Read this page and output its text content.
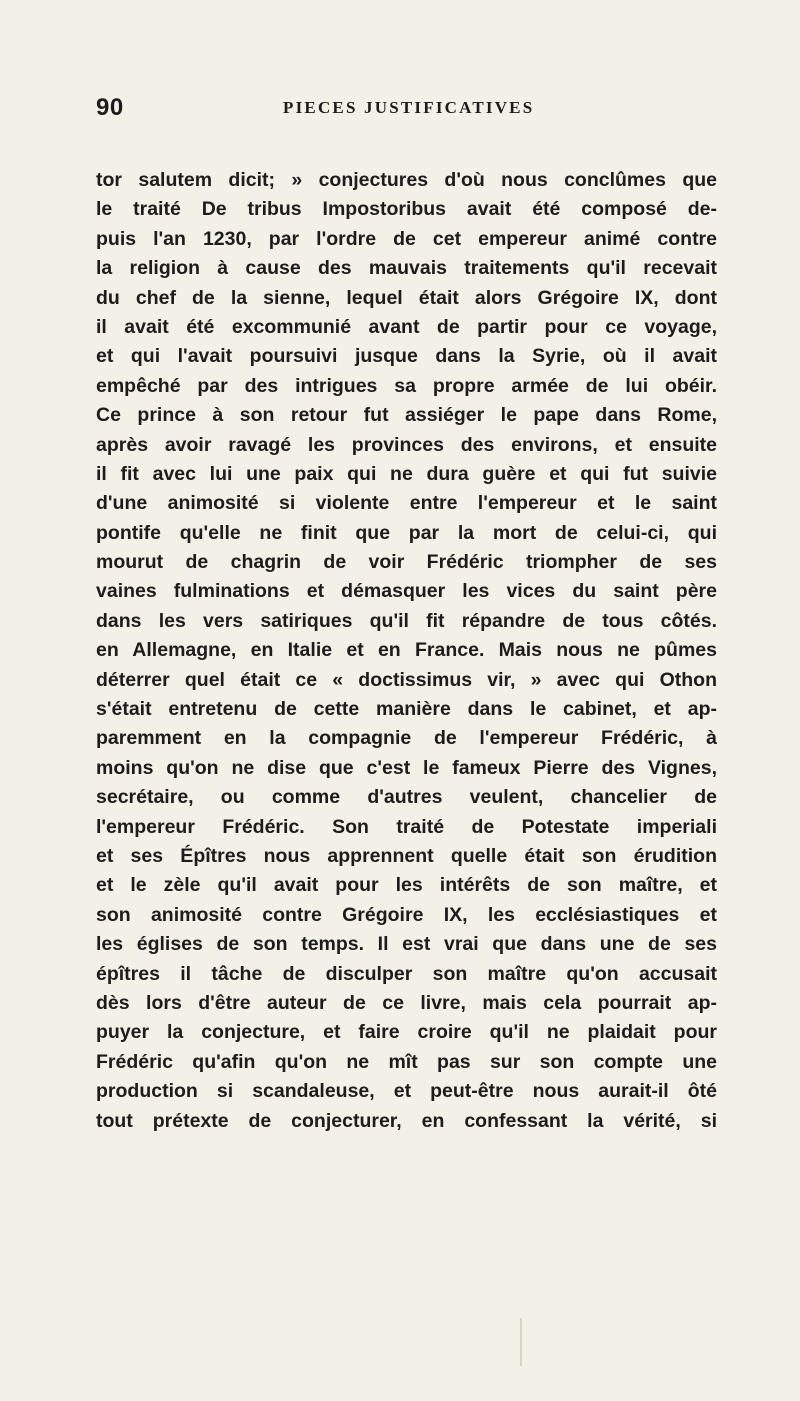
90	PIECES JUSTIFICATIVES
tor salutem dicit; » conjectures d'où nous conclûmes que
le traité De tribus Impostoribus avait été composé de-
puis l'an 1230, par l'ordre de cet empereur animé contre
la religion à cause des mauvais traitements qu'il recevait
du chef de la sienne, lequel était alors Grégoire IX, dont
il avait été excommunié avant de partir pour ce voyage,
et qui l'avait poursuivi jusque dans la Syrie, où il avait
empêché par des intrigues sa propre armée de lui obéir.
Ce prince à son retour fut assiéger le pape dans Rome,
après avoir ravagé les provinces des environs, et ensuite
il fit avec lui une paix qui ne dura guère et qui fut suivie
d'une animosité si violente entre l'empereur et le saint
pontife qu'elle ne finit que par la mort de celui-ci, qui
mourut de chagrin de voir Frédéric triompher de ses
vaines fulminations et démasquer les vices du saint père
dans les vers satiriques qu'il fit répandre de tous côtés.
en Allemagne, en Italie et en France. Mais nous ne pûmes
déterrer quel était ce « doctissimus vir, » avec qui Othon
s'était entretenu de cette manière dans le cabinet, et ap-
paremment en la compagnie de l'empereur Frédéric, à
moins qu'on ne dise que c'est le fameux Pierre des Vignes,
secrétaire, ou comme d'autres veulent, chancelier de
l'empereur Frédéric. Son traité de Potestate imperiali
et ses Épîtres nous apprennent quelle était son érudition
et le zèle qu'il avait pour les intérêts de son maître, et
son animosité contre Grégoire IX, les ecclésiastiques et
les églises de son temps. Il est vrai que dans une de ses
épîtres il tâche de disculper son maître qu'on accusait
dès lors d'être auteur de ce livre, mais cela pourrait ap-
puyer la conjecture, et faire croire qu'il ne plaidait pour
Frédéric qu'afin qu'on ne mît pas sur son compte une
production si scandaleuse, et peut-être nous aurait-il ôté
tout prétexte de conjecturer, en confessant la vérité, si
